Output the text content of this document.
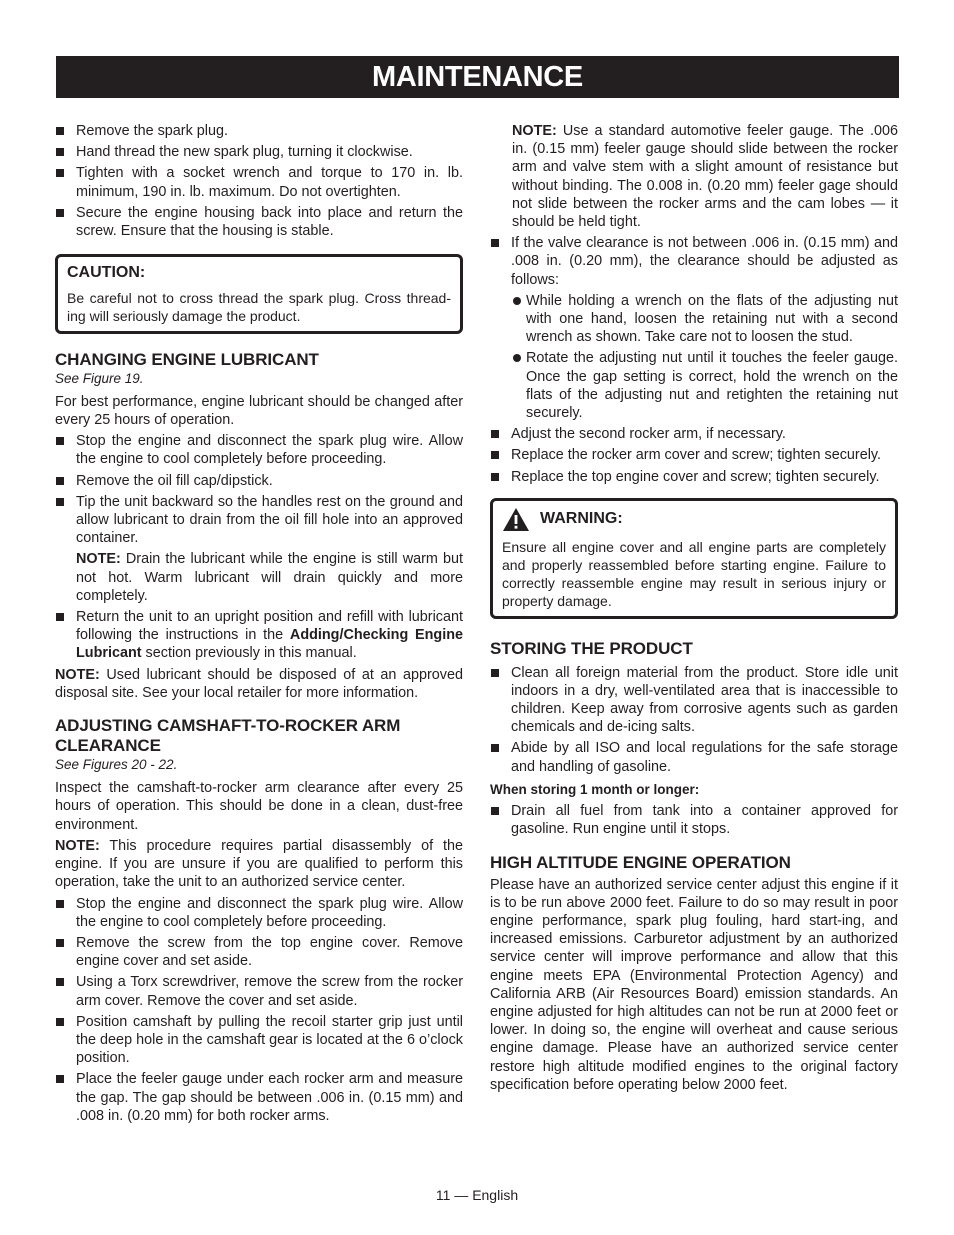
MAINTENANCE
Remove the spark plug.
Hand thread the new spark plug, turning it clockwise.
Tighten with a socket wrench and torque to 170 in. lb. minimum, 190 in. lb. maximum. Do not overtighten.
Secure the engine housing back into place and return the screw. Ensure that the housing is stable.
CAUTION:
Be careful not to cross thread the spark plug. Cross thread-ing will seriously damage the product.
CHANGING ENGINE LUBRICANT
See Figure 19.

For best performance, engine lubricant should be changed after every 25 hours of operation.

Stop the engine and disconnect the spark plug wire. Allow the engine to cool completely before proceeding.
Remove the oil fill cap/dipstick.
Tip the unit backward so the handles rest on the ground and allow lubricant to drain from the oil fill hole into an approved container.

NOTE: Drain the lubricant while the engine is still warm but not hot. Warm lubricant will drain quickly and more completely.

Return the unit to an upright position and refill with lubricant following the instructions in the Adding/Checking Engine Lubricant section previously in this manual.

NOTE: Used lubricant should be disposed of at an approved disposal site. See your local retailer for more information.

ADJUSTING CAMSHAFT-TO-ROCKER ARM CLEARANCE
See Figures 20 - 22.

Inspect the camshaft-to-rocker arm clearance after every 25 hours of operation. This should be done in a clean, dust-free environment.

NOTE: This procedure requires partial disassembly of the engine. If you are unsure if you are qualified to perform this operation, take the unit to an authorized service center.

Stop the engine and disconnect the spark plug wire. Allow the engine to cool completely before proceeding.
Remove the screw from the top engine cover. Remove engine cover and set aside.
Using a Torx screwdriver, remove the screw from the rocker arm cover. Remove the cover and set aside.
Position camshaft by pulling the recoil starter grip just until the deep hole in the camshaft gear is located at the 6 o’clock position.
Place the feeler gauge under each rocker arm and measure the gap. The gap should be between .006 in. (0.15 mm) and .008 in. (0.20 mm) for both rocker arms.

NOTE: Use a standard automotive feeler gauge. The .006 in. (0.15 mm) feeler gauge should slide between the rocker arm and valve stem with a slight amount of resistance but without binding. The 0.008 in. (0.20 mm) feeler gage should not slide between the rocker arms and the cam lobes — it should be held tight.

If the valve clearance is not between .006 in. (0.15 mm) and .008 in. (0.20 mm), the clearance should be adjusted as follows:
While holding a wrench on the flats of the adjusting nut with one hand, loosen the retaining nut with a second wrench as shown. Take care not to loosen the stud.
Rotate the adjusting nut until it touches the feeler gauge. Once the gap setting is correct, hold the wrench on the flats of the adjusting nut and retighten the retaining nut securely.
Adjust the second rocker arm, if necessary.
Replace the rocker arm cover and screw; tighten securely.
Replace the top engine cover and screw; tighten securely.
WARNING:
Ensure all engine cover and all engine parts are completely and properly reassembled before starting engine. Failure to correctly reassemble engine may result in serious injury or property damage.
STORING THE PRODUCT
Clean all foreign material from the product. Store idle unit indoors in a dry, well-ventilated area that is inaccessible to children. Keep away from corrosive agents such as garden chemicals and de-icing salts.
Abide by all ISO and local regulations for the safe storage and handling of gasoline.
When storing 1 month or longer:
Drain all fuel from tank into a container approved for gasoline. Run engine until it stops.
HIGH ALTITUDE ENGINE OPERATION

Please have an authorized service center adjust this engine if it is to be run above 2000 feet. Failure to do so may result in poor engine performance, spark plug fouling, hard start-ing, and increased emissions. Carburetor adjustment by an authorized service center will improve performance and allow that this engine meets EPA (Environmental Protection Agency) and California ARB (Air Resources Board) emission standards. An engine adjusted for high altitudes can not be run at 2000 feet or lower. In doing so, the engine will overheat and cause serious engine damage. Please have an authorized service center restore high altitude modified engines to the original factory specification before operating below 2000 feet.

11 — English
